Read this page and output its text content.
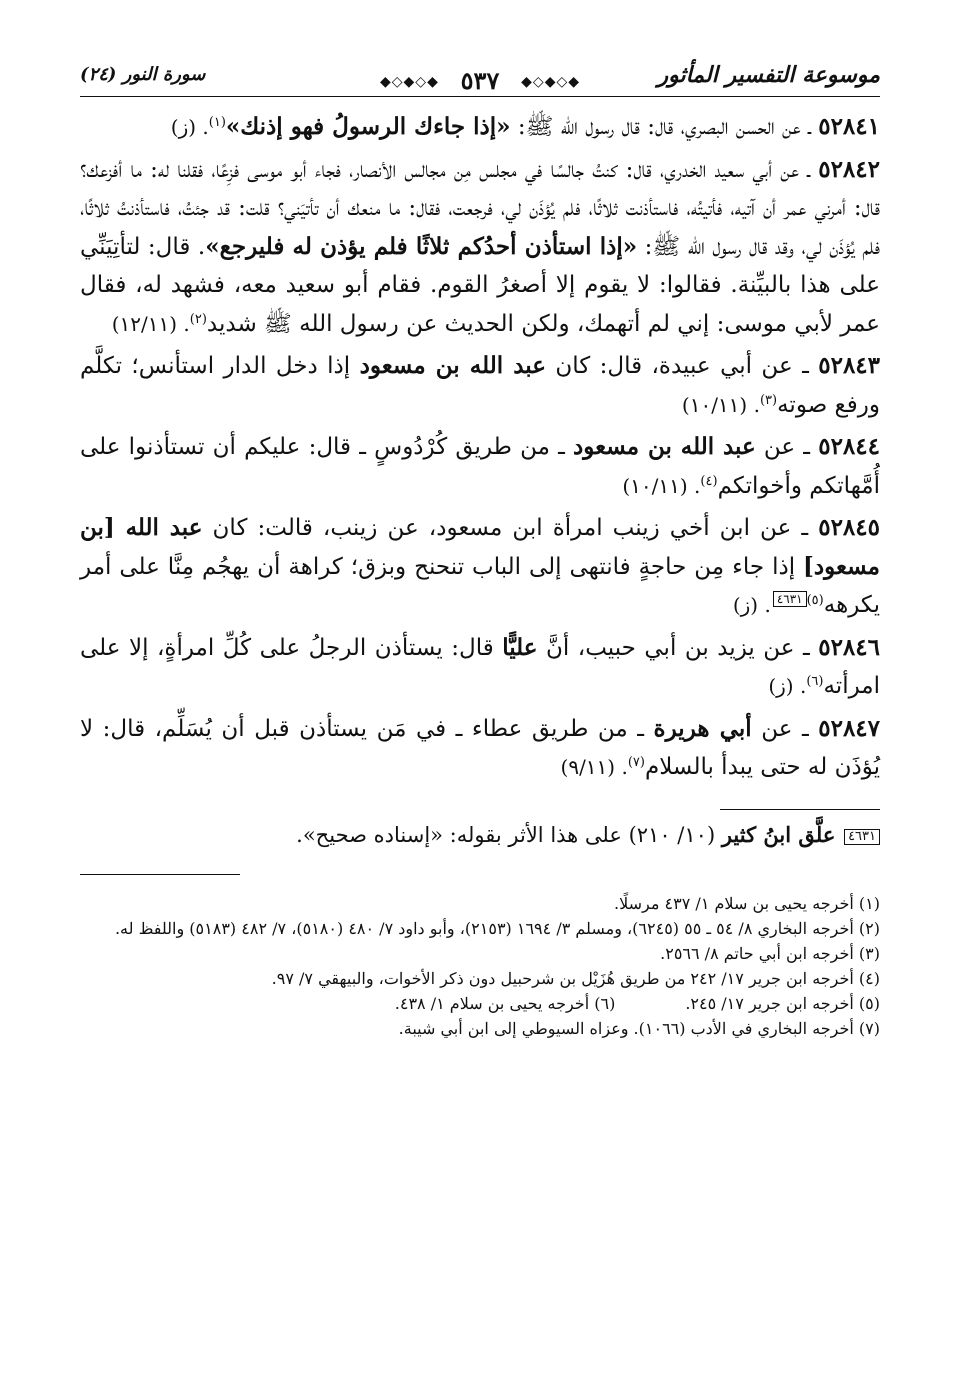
موسوعة التفسير المأثور
◆◇◆◇◆
٥٣٧
◆◇◆◇◆
سورة النور (٢٤)

٥٢٨٤١ ـ عن الحسن البصري، قال: قال رسول الله ﷺ: «إذا جاءك الرسولُ فهو إذنك»$^{(١)}$. (ز)

٥٢٨٤٢ ـ عن أبي سعيد الخدري، قال: كنتُ جالسًا في مجلس مِن مجالس الأنصار، فجاء أبو موسى فزِعًا، فقلنا له: ما أفزعك؟ قال: أمرني عمر أن آتيه، فأتيتُه، فاستأذنت ثلاثًا، فلم يُؤذَن لي، فرجعت، فقال: ما منعك أن تأتيَني؟ قلت: قد جئتُ، فاستأذنتُ ثلاثًا، فلم يُؤذَن لي، وقد قال رسول الله ﷺ: «إذا استأذن أحدُكم ثلاثًا فلم يؤذن له فليرجع». قال: لتأتِيَنِّي على هذا بالبيِّنة. فقالوا: لا يقوم إلا أصغرُ القوم. فقام أبو سعيد معه، فشهد له، فقال عمر لأبي موسى: إني لم أتهمك، ولكن الحديث عن رسول الله ﷺ شديد$^{(٢)}$. (١٢/١١)

٥٢٨٤٣ ـ عن أبي عبيدة، قال: كان عبد الله بن مسعود إذا دخل الدار استأنس؛ تكلَّم ورفع صوته$^{(٣)}$. (١٠/١١)

٥٢٨٤٤ ـ عن عبد الله بن مسعود ـ من طريق كُرْدُوسٍ ـ قال: عليكم أن تستأذنوا على أُمَّهاتكم وأخواتكم$^{(٤)}$. (١٠/١١)

٥٢٨٤٥ ـ عن ابن أخي زينب امرأة ابن مسعود، عن زينب، قالت: كان عبد الله [بن مسعود] إذا جاء مِن حاجةٍ فانتهى إلى الباب تنحنح وبزق؛ كراهة أن يهجُم مِنَّا على أمر يكرهه$^{(٥)}$٤٦٣١. (ز)

٥٢٨٤٦ ـ عن يزيد بن أبي حبيب، أنَّ عليًّا قال: يستأذن الرجلُ على كُلِّ امرأةٍ، إلا على امرأته$^{(٦)}$. (ز)

٥٢٨٤٧ ـ عن أبي هريرة ـ من طريق عطاء ـ في مَن يستأذن قبل أن يُسَلِّم، قال: لا يُؤذَن له حتى يبدأ بالسلام$^{(٧)}$. (٩/١١)

٤٦٣١ علَّق ابنُ كثير (١٠/ ٢١٠) على هذا الأثر بقوله: «إسناده صحيح».

(١) أخرجه يحيى بن سلام ١/ ٤٣٧ مرسلًا.

(٢) أخرجه البخاري ٨/ ٥٤ ـ ٥٥ (٦٢٤٥)، ومسلم ٣/ ١٦٩٤ (٢١٥٣)، وأبو داود ٧/ ٤٨٠ (٥١٨٠)، ٧/ ٤٨٢ (٥١٨٣) واللفظ له.

(٣) أخرجه ابن أبي حاتم ٨/ ٢٥٦٦.

(٤) أخرجه ابن جرير ١٧/ ٢٤٢ من طريق هُزَيْل بن شرحبيل دون ذكر الأخوات، والبيهقي ٧/ ٩٧.

(٥) أخرجه ابن جرير ١٧/ ٢٤٥.
(٦) أخرجه يحيى بن سلام ١/ ٤٣٨.

(٧) أخرجه البخاري في الأدب (١٠٦٦). وعزاه السيوطي إلى ابن أبي شيبة.
